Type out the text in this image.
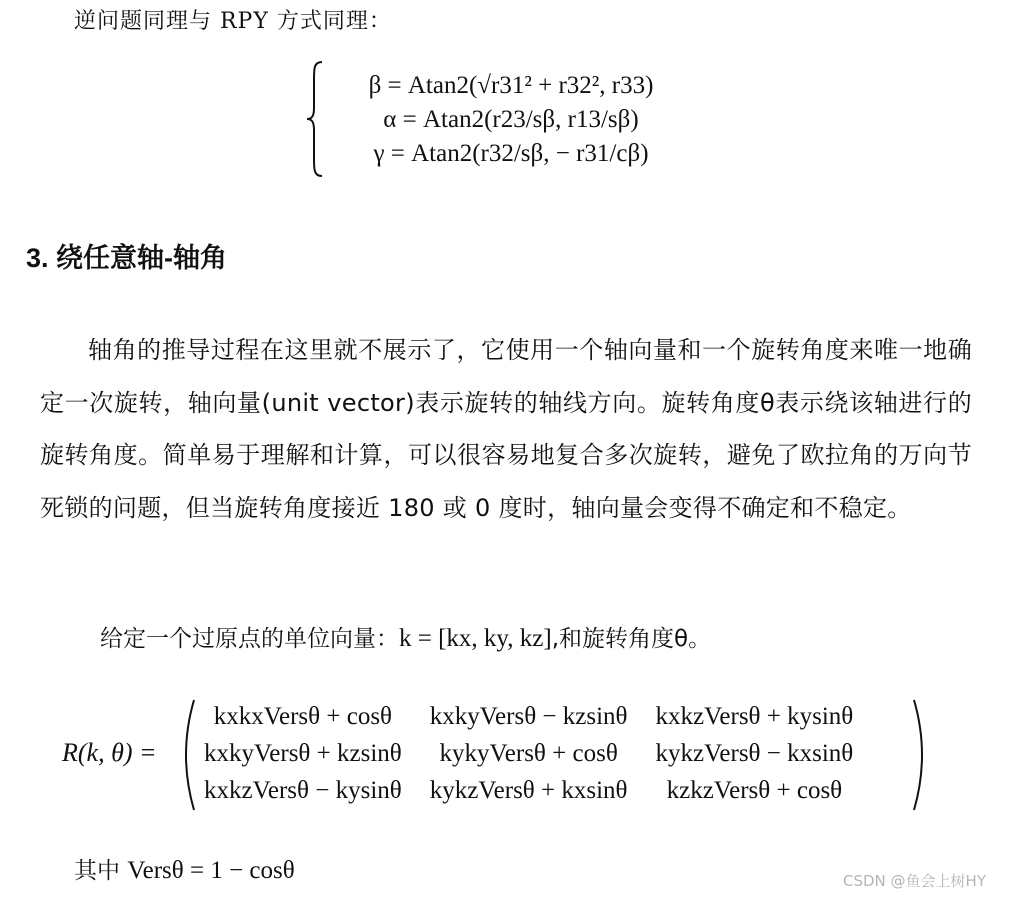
逆问题同理与 RPY 方式同理：
β = Atan2(√r31² + r32², r33)
α = Atan2(r23/sβ, r13/sβ)
γ = Atan2(r32/sβ, − r31/cβ)
3. 绕任意轴-轴角
轴角的推导过程在这里就不展示了，它使用一个轴向量和一个旋转角度来唯一地确定一次旋转，轴向量(unit vector)表示旋转的轴线方向。旋转角度θ表示绕该轴进行的旋转角度。简单易于理解和计算，可以很容易地复合多次旋转，避免了欧拉角的万向节死锁的问题，但当旋转角度接近 180 或 0 度时，轴向量会变得不确定和不稳定。
给定一个过原点的单位向量：k = [kx, ky, kz],和旋转角度θ。
R(k, θ) =
kxkxVersθ + cosθ	kxkyVersθ − kzsinθ	kxkzVersθ + kysinθ
kxkyVersθ + kzsinθ	kykyVersθ + cosθ	kykzVersθ − kxsinθ
kxkzVersθ − kysinθ	kykzVersθ + kxsinθ	kzkzVersθ + cosθ
其中 Versθ = 1 − cosθ	CSDN @鱼会上树HY
